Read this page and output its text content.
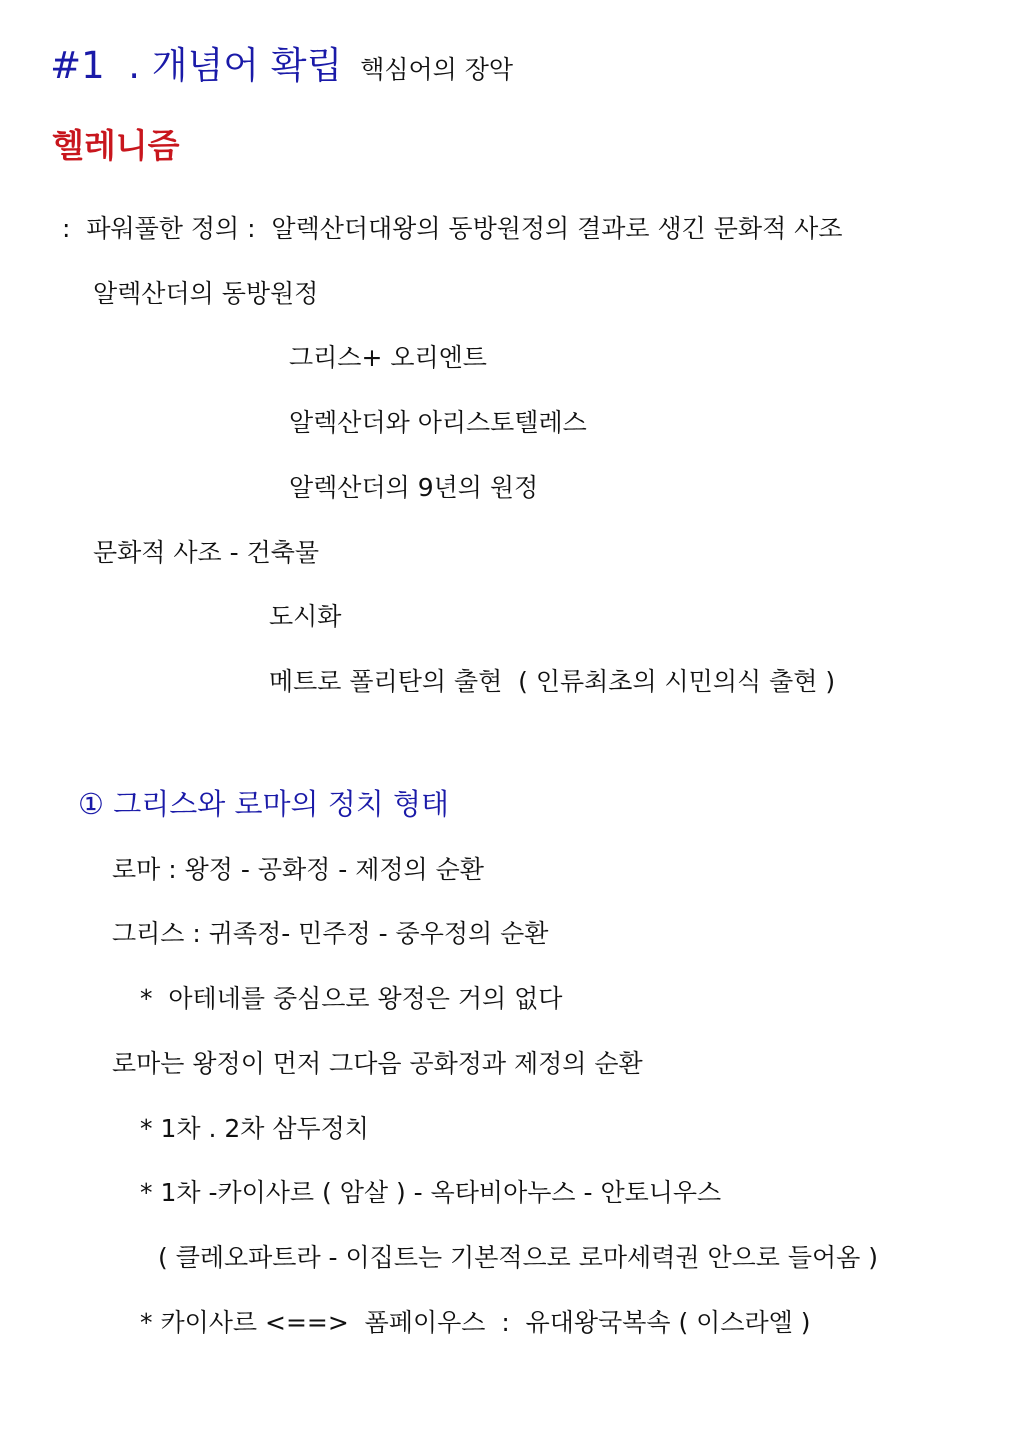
#1  . 개념어 확립 핵심어의 장악

헬레니즘
:  파워풀한 정의 :  알렉산더대왕의 동방원정의 결과로 생긴 문화적 사조
알렉산더의 동방원정
그리스+ 오리엔트
알렉산더와 아리스토텔레스
알렉산더의 9년의 원정
문화적 사조 - 건축물
도시화
메트로 폴리탄의 출현  ( 인류최초의 시민의식 출현 )
① 그리스와 로마의 정치 형태
로마 : 왕정 - 공화정 - 제정의 순환
그리스 : 귀족정- 민주정 - 중우정의 순환
*  아테네를 중심으로 왕정은 거의 없다
로마는 왕정이 먼저 그다음 공화정과 제정의 순환
* 1차 . 2차 삼두정치
* 1차 -카이사르 ( 암살 ) - 옥타비아누스 - 안토니우스
( 클레오파트라 - 이집트는 기본적으로 로마세력권 안으로 들어옴 )
* 카이사르 <==>  폼페이우스  :  유대왕국복속 ( 이스라엘 )
